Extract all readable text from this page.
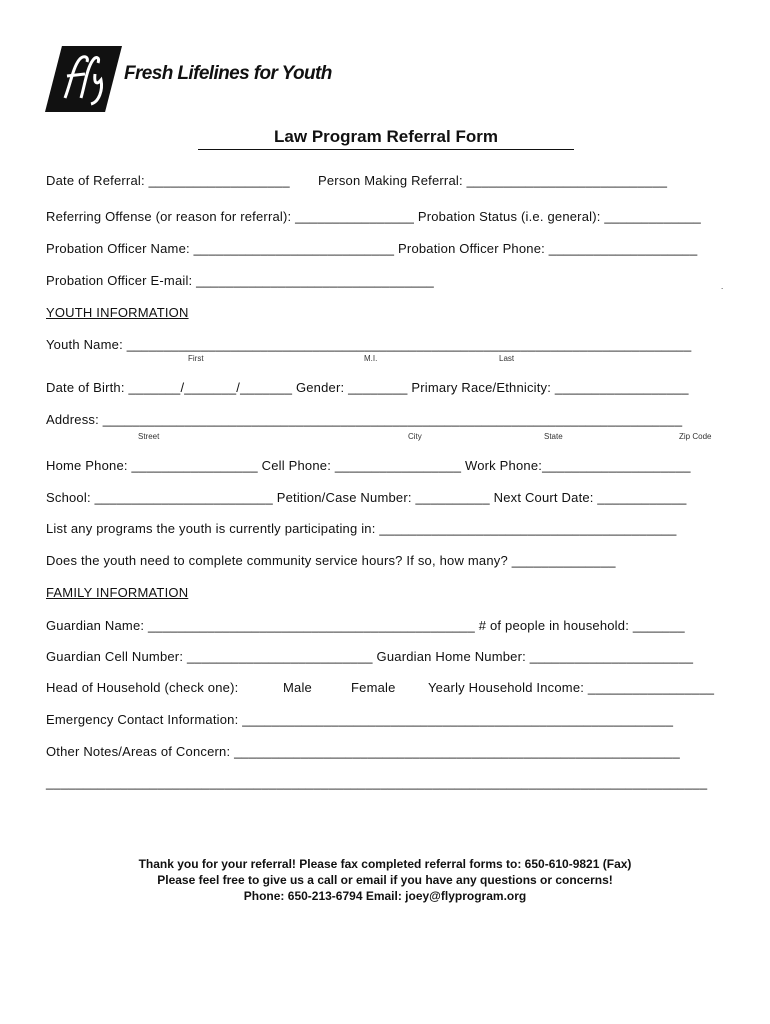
Fresh Lifelines for Youth
Law Program Referral Form
Date of Referral: ___________________ Person Making Referral: ___________________________
Referring Offense (or reason for referral): ________________ Probation Status (i.e. general): _____________
Probation Officer Name: ___________________________ Probation Officer Phone: ____________________
Probation Officer E-mail: ________________________________	.
YOUTH INFORMATION
Youth Name: ____________________________________________________________________________
First	M.I.	Last
Date of Birth: _______/_______/_______ Gender: ________ Primary Race/Ethnicity: __________________
Address: ______________________________________________________________________________
Street	City	State	Zip Code
Home Phone: _________________ Cell Phone: _________________ Work Phone:____________________
School: ________________________ Petition/Case Number: __________ Next Court Date: ____________
List any programs the youth is currently participating in: ________________________________________
Does the youth need to complete community service hours? If so, how many? ______________
FAMILY INFORMATION
Guardian Name: ____________________________________________ # of people in household: _______
Guardian Cell Number: _________________________ Guardian Home Number: ______________________
Head of Household (check one):	Male	Female Yearly Household Income: _________________
Emergency Contact Information: __________________________________________________________
Other Notes/Areas of Concern: ____________________________________________________________
_________________________________________________________________________________________
Thank you for your referral! Please fax completed referral forms to: 650-610-9821 (Fax)
Please feel free to give us a call or email if you have any questions or concerns!
Phone: 650-213-6794 Email: joey@flyprogram.org
